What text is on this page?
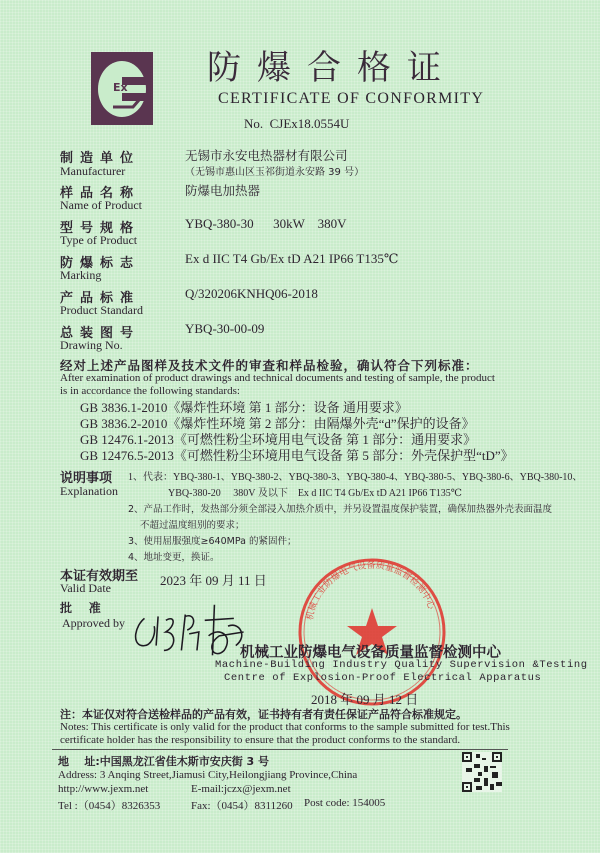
Ex 防爆合格证
CERTIFICATE OF CONFORMITY
No.  CJEx18.0554U
制造单位
Manufacturer
无锡市永安电热器材有限公司
（无锡市惠山区玉祁街道永安路 39 号）
样品名称
Name of Product
防爆电加热器
型号规格
Type of Product
YBQ-380-30      30kW    380V
防爆标志
Marking
Ex d IIC T4 Gb/Ex tD A21 IP66 T135℃
产品标准
Product Standard
Q/320206KNHQ06-2018
总装图号
Drawing No.
YBQ-30-00-09
经对上述产品图样及技术文件的审查和样品检验，确认符合下列标准：
After examination of product drawings and technical documents and testing of sample, the product
is in accordance the following standards:
GB 3836.1-2010《爆炸性环境 第 1 部分：设备 通用要求》
GB 3836.2-2010《爆炸性环境 第 2 部分：由隔爆外壳“d”保护的设备》
GB 12476.1-2013《可燃性粉尘环境用电气设备 第 1 部分：通用要求》
GB 12476.5-2013《可燃性粉尘环境用电气设备 第 5 部分：外壳保护型“tD”》
说明事项
Explanation
1、代表：YBQ-380-1、YBQ-380-2、YBQ-380-3、YBQ-380-4、YBQ-380-5、YBQ-380-6、YBQ-380-10、
YBQ-380-20     380V 及以下    Ex d IIC T4 Gb/Ex tD A21 IP66 T135℃
2、产品工作时，发热部分须全部浸入加热介质中，并另设置温度保护装置，确保加热器外壳表面温度
不超过温度组别的要求；
3、使用屈服强度≥640MPa 的紧固件；
4、地址变更，换证。
本证有效期至
Valid Date	2023 年 09 月 11 日
批    准
Approved by
机械工业防爆电气设备质量监督检测中心
机械工业防爆电气设备质量监督检测中心
Machine-Building Industry Quality Supervision &Testing
Centre of Explosion-Proof Electrical Apparatus
2018 年 09 月 12 日
注：本证仅对符合送检样品的产品有效，证书持有者有责任保证产品符合标准规定。
Notes: This certificate is only valid for the product that conforms to the sample submitted for test.This
certificate holder has the responsibility to ensure that the product conforms to the standard.
地    址:中国黑龙江省佳木斯市安庆街 3 号
Address: 3 Anqing Street,Jiamusi City,Heilongjiang Province,China
http://www.jexm.net	E-mail:jczx@jexm.net
Tel :（0454）8326353	Fax:（0454）8311260 Post code: 154005
